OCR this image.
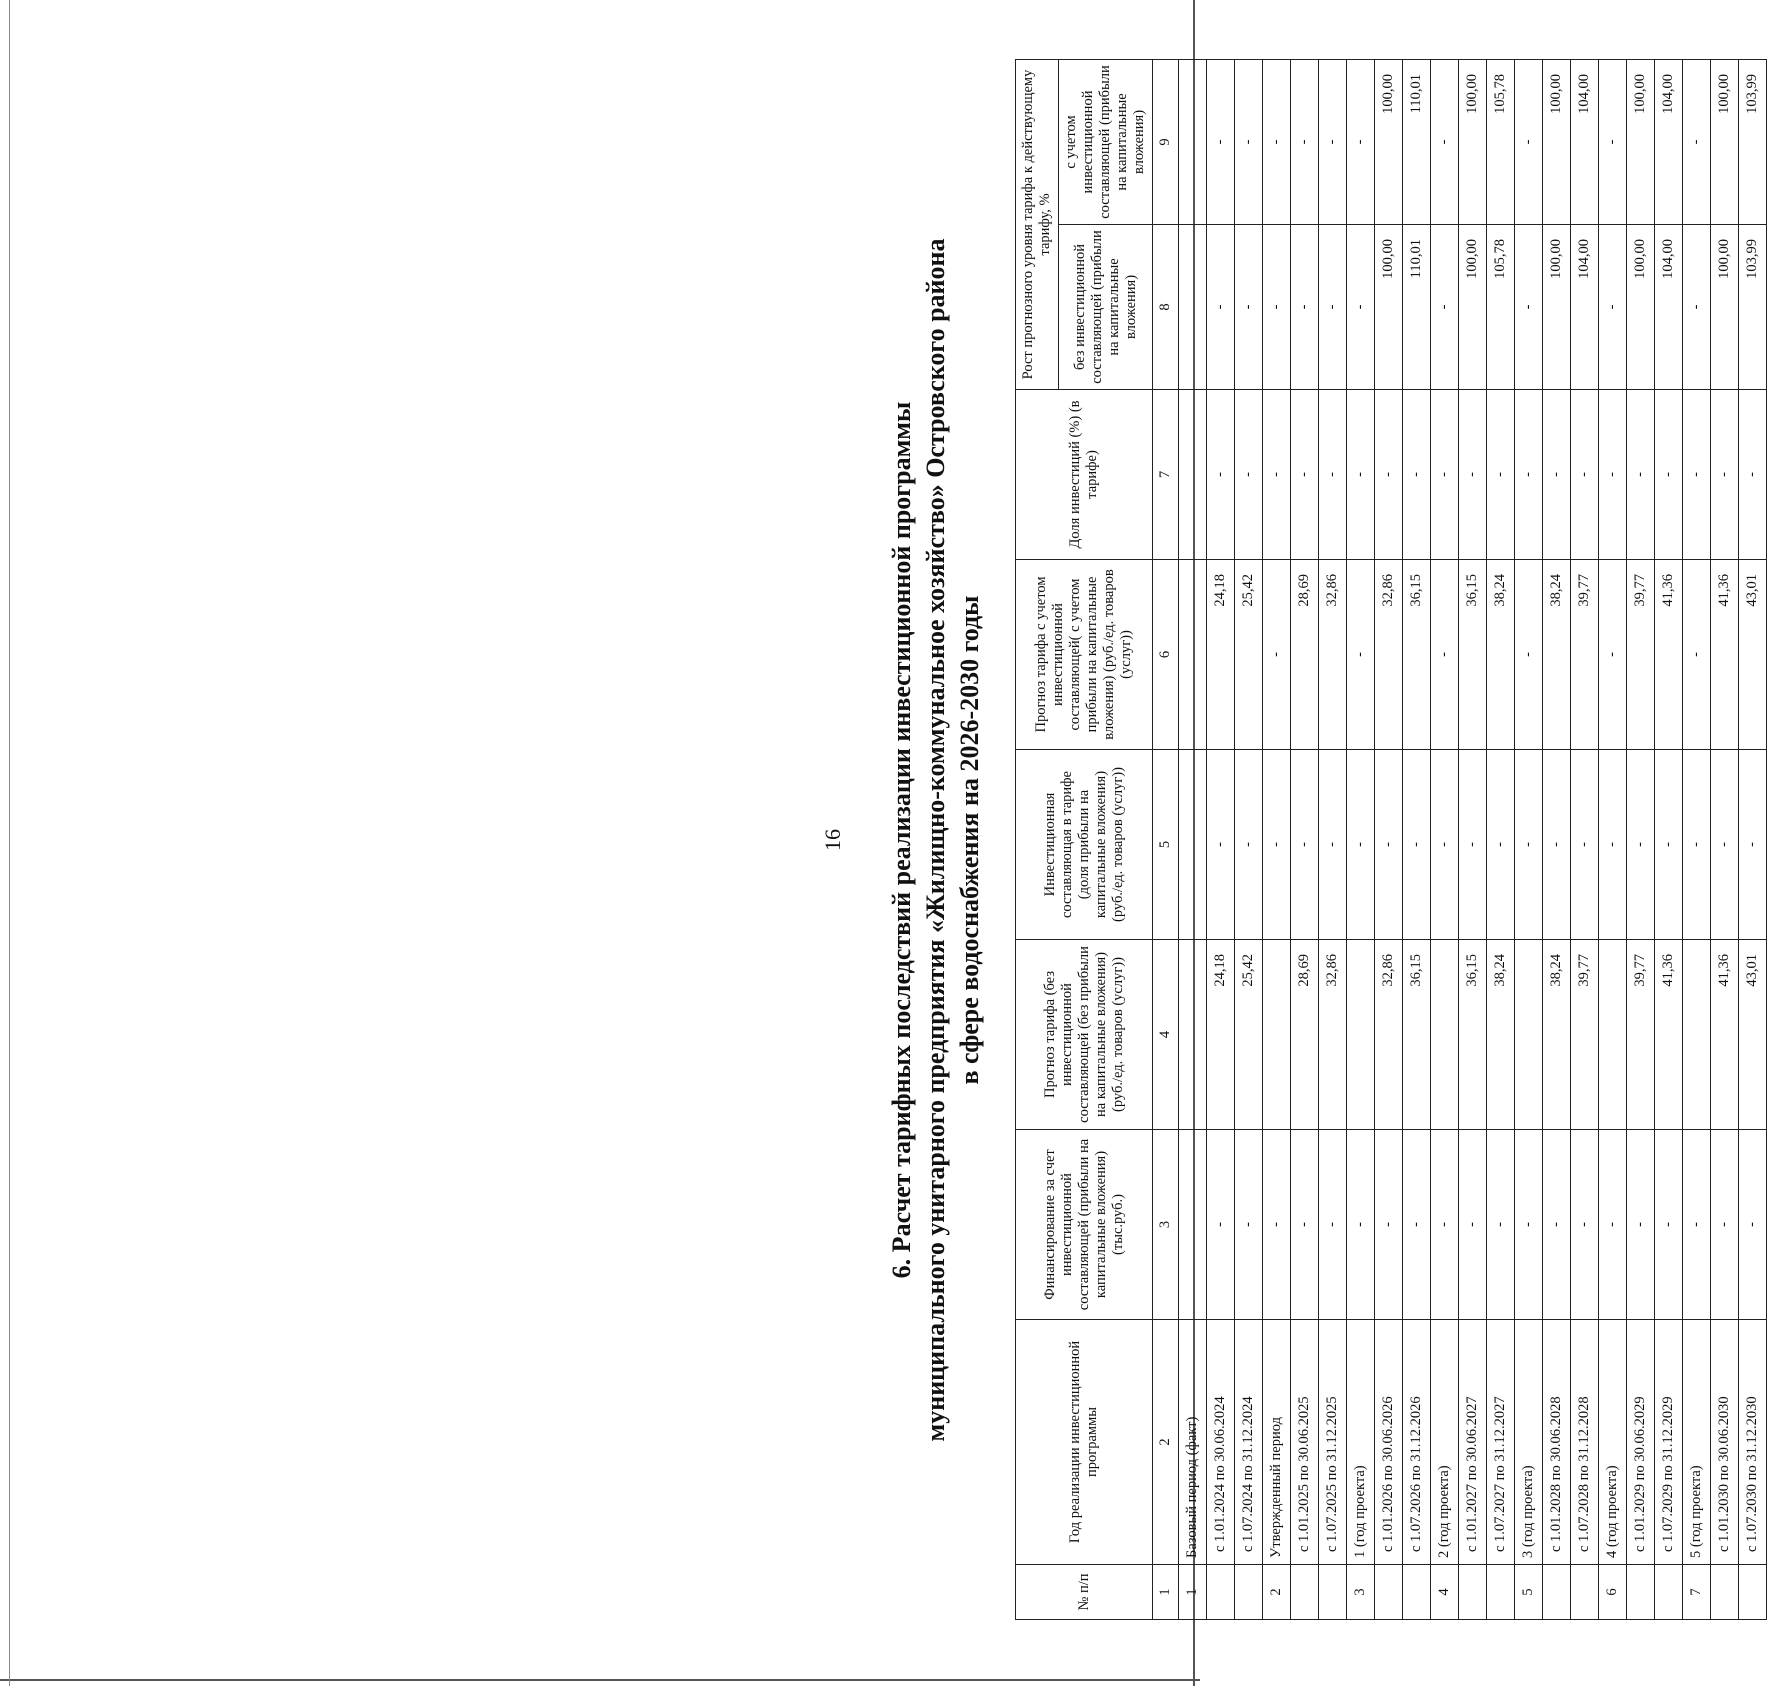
16 6. Расчет тарифных последствий реализации инвестиционной программы муниципального унитарного предприятия «Жилищно-коммунальное хозяйство» Островского района в сфере водоснабжения на 2026-2030 годы
№ п/п	Год реализации инвестиционной программы	Финансирование за счет инвестиционной составляющей (прибыли на капитальные вложения) (тыс.руб.)	Прогноз тарифа (без инвестиционной составляющей (без прибыли на капитальные вложения) (руб./ед. товаров (услуг))	Инвестиционная составляющая в тарифе (доля прибыли на капитальные вложения) (руб./ед. товаров (услуг))	Прогноз тарифа с учетом инвестиционной составляющей( с учетом прибыли на капитальные вложения) (руб./ед. товаров (услуг))	Доля инвестиций (%) (в тарифе)	Рост прогнозного уровня тарифа к действующему тарифу, %	
							без инвестиционной составляющей (прибыли на капитальные вложения)	с учетом инвестиционной составляющей (прибыли на капитальные вложения)
1	2	3	4	5	6	7	8	9
1	Базовый период (факт)							
	с 1.01.2024 по 30.06.2024	-	24,18	-	24,18	-	-	-
	с 1.07.2024 по 31.12.2024	-	25,42	-	25,42	-	-	-
2	Утвержденный период	-		-	-	-	-	-
	с 1.01.2025 по 30.06.2025	-	28,69	-	28,69	-	-	-
	с 1.07.2025 по 31.12.2025	-	32,86	-	32,86	-	-	-
3	1 (год проекта)	-		-	-	-	-	-
	с 1.01.2026 по 30.06.2026	-	32,86	-	32,86	-	100,00	100,00
	с 1.07.2026 по 31.12.2026	-	36,15	-	36,15	-	110,01	110,01
4	2 (год проекта)	-		-	-	-	-	-
	с 1.01.2027 по 30.06.2027	-	36,15	-	36,15	-	100,00	100,00
	с 1.07.2027 по 31.12.2027	-	38,24	-	38,24	-	105,78	105,78
5	3 (год проекта)	-		-	-	-	-	-
	с 1.01.2028 по 30.06.2028	-	38,24	-	38,24	-	100,00	100,00
	с 1.07.2028 по 31.12.2028	-	39,77	-	39,77	-	104,00	104,00
6	4 (год проекта)	-		-	-	-	-	-
	с 1.01.2029 по 30.06.2029	-	39,77	-	39,77	-	100,00	100,00
	с 1.07.2029 по 31.12.2029	-	41,36	-	41,36	-	104,00	104,00
7	5 (год проекта)	-		-	-	-	-	-
	с 1.01.2030 по 30.06.2030	-	41,36	-	41,36	-	100,00	100,00
	с 1.07.2030 по 31.12.2030	-	43,01	-	43,01	-	103,99	103,99
